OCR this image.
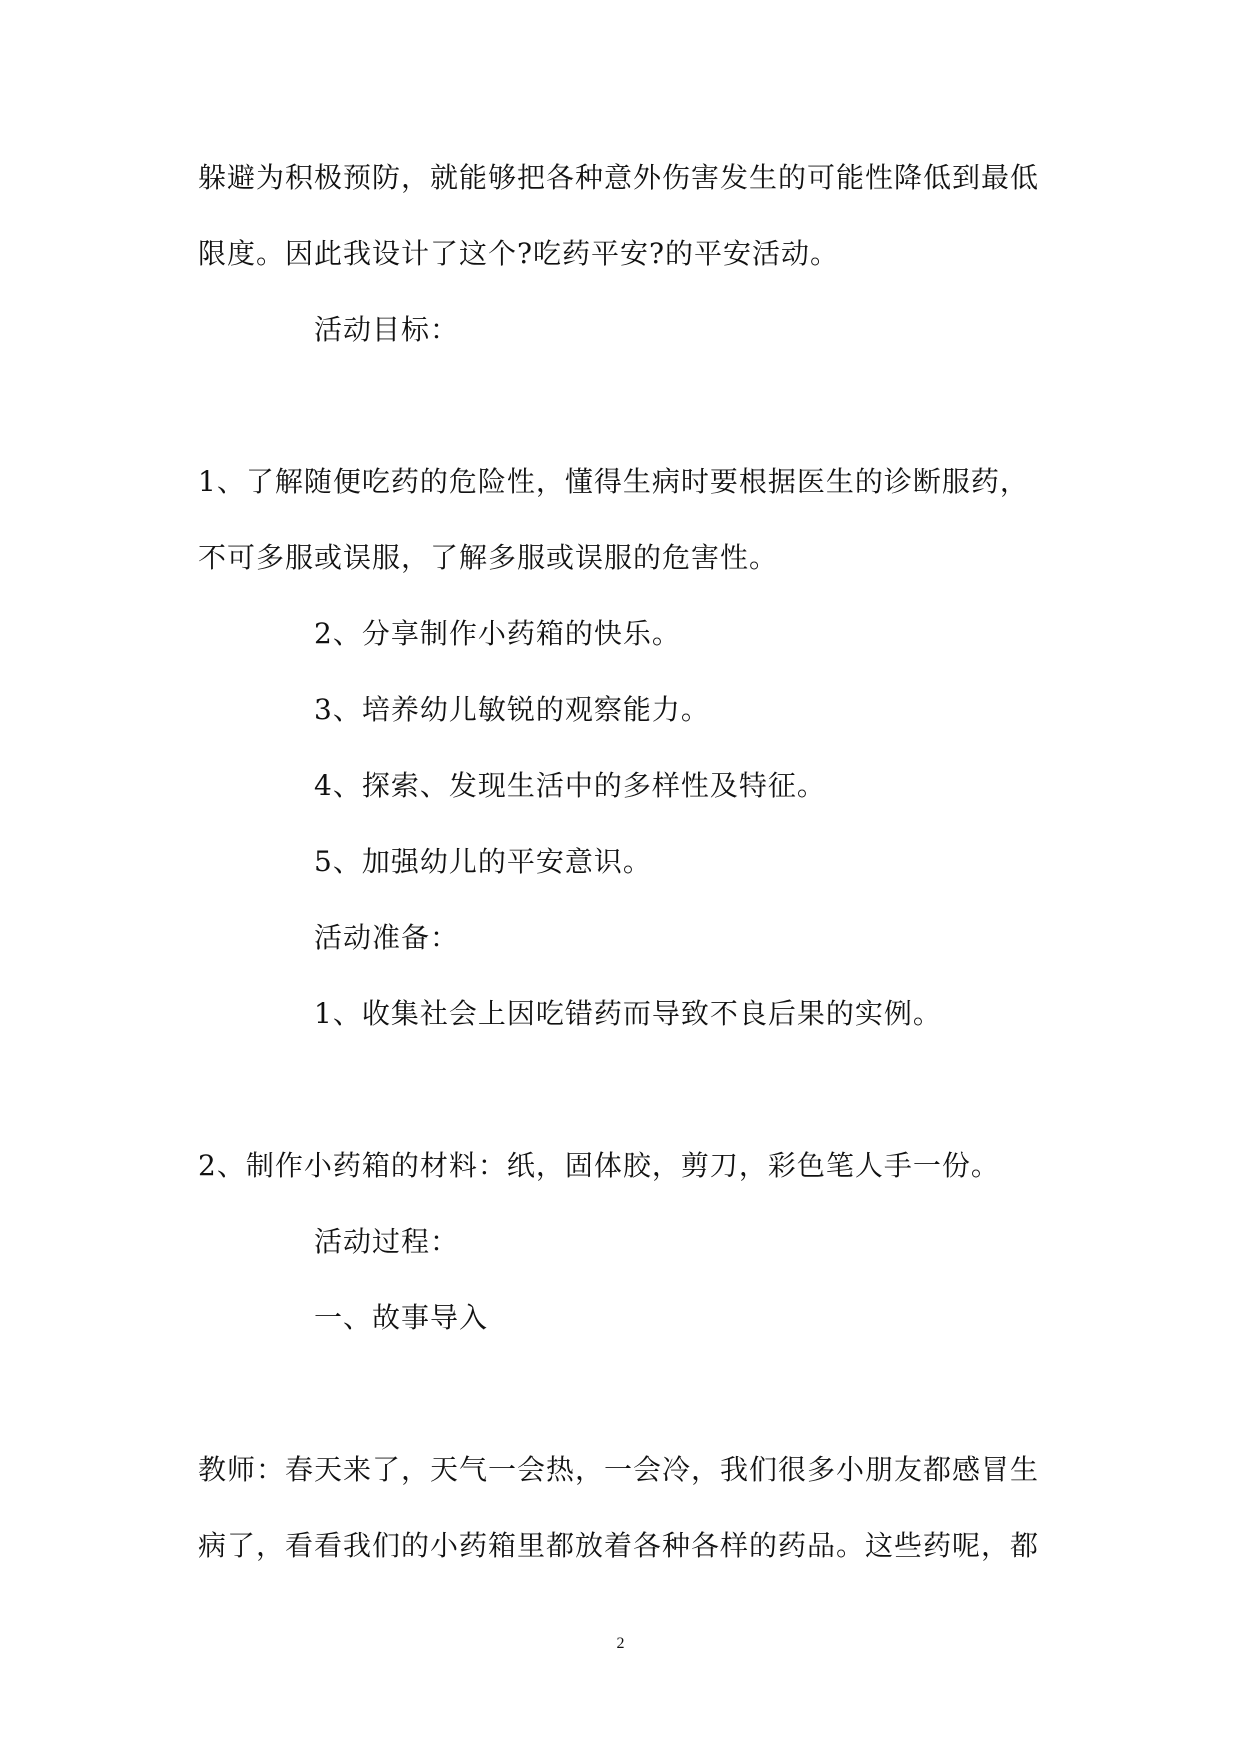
躲避为积极预防，就能够把各种意外伤害发生的可能性降低到最低

限度。因此我设计了这个?吃药平安?的平安活动。

活动目标：

1、了解随便吃药的危险性，懂得生病时要根据医生的诊断服药，

不可多服或误服，了解多服或误服的危害性。

2、分享制作小药箱的快乐。

3、培养幼儿敏锐的观察能力。

4、探索、发现生活中的多样性及特征。

5、加强幼儿的平安意识。

活动准备：

1、收集社会上因吃错药而导致不良后果的实例。

2、制作小药箱的材料：纸，固体胶，剪刀，彩色笔人手一份。

活动过程：

一、故事导入

教师：春天来了，天气一会热，一会冷，我们很多小朋友都感冒生

病了，看看我们的小药箱里都放着各种各样的药品。这些药呢，都

2
